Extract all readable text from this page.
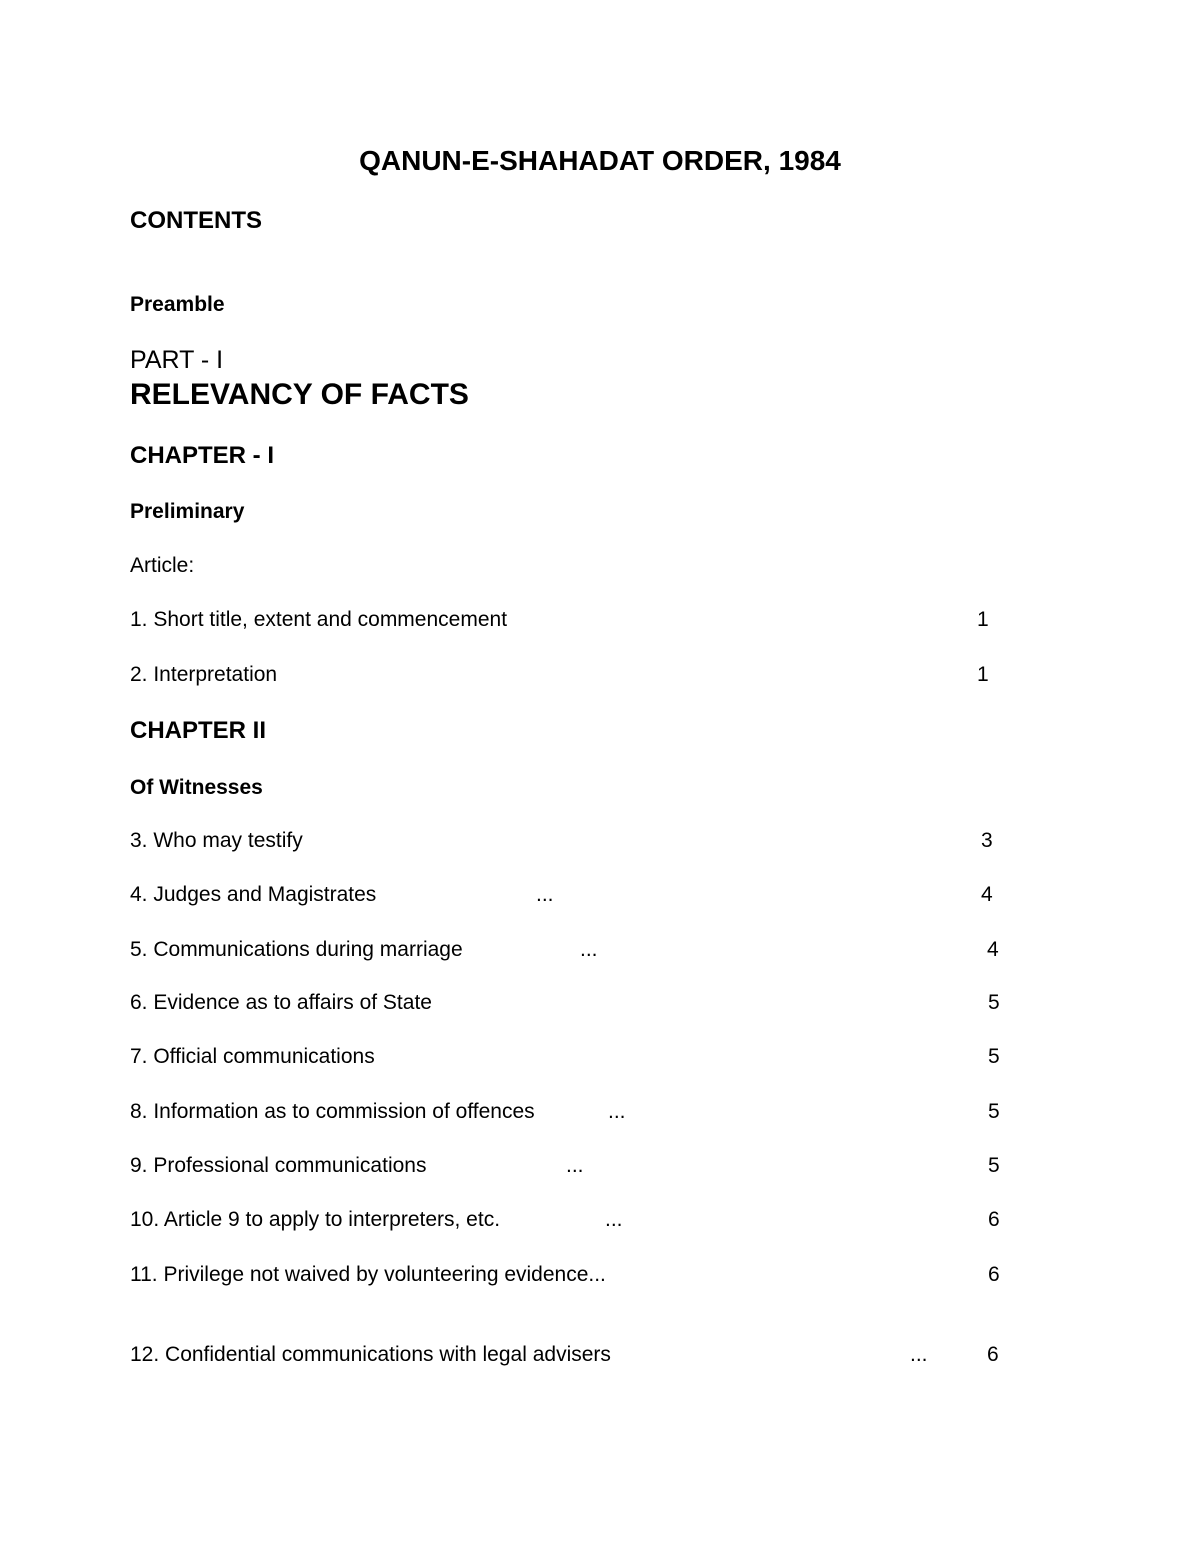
QANUN-E-SHAHADAT ORDER, 1984
CONTENTS
Preamble
PART - I
RELEVANCY OF FACTS
CHAPTER - I
Preliminary
Article:
1. Short title, extent and commencement	1
2. Interpretation	1
CHAPTER II
Of Witnesses
3. Who may testify	3
4. Judges and Magistrates	...	4
5. Communications during marriage	...	4
6. Evidence as to affairs of State	5
7. Official communications	5
8. Information as to commission of offences	...	5
9. Professional communications	...	5
10. Article 9 to apply to interpreters, etc.	...	6
11. Privilege not waived by volunteering evidence...	6
12. Confidential communications with legal advisers	...	6
